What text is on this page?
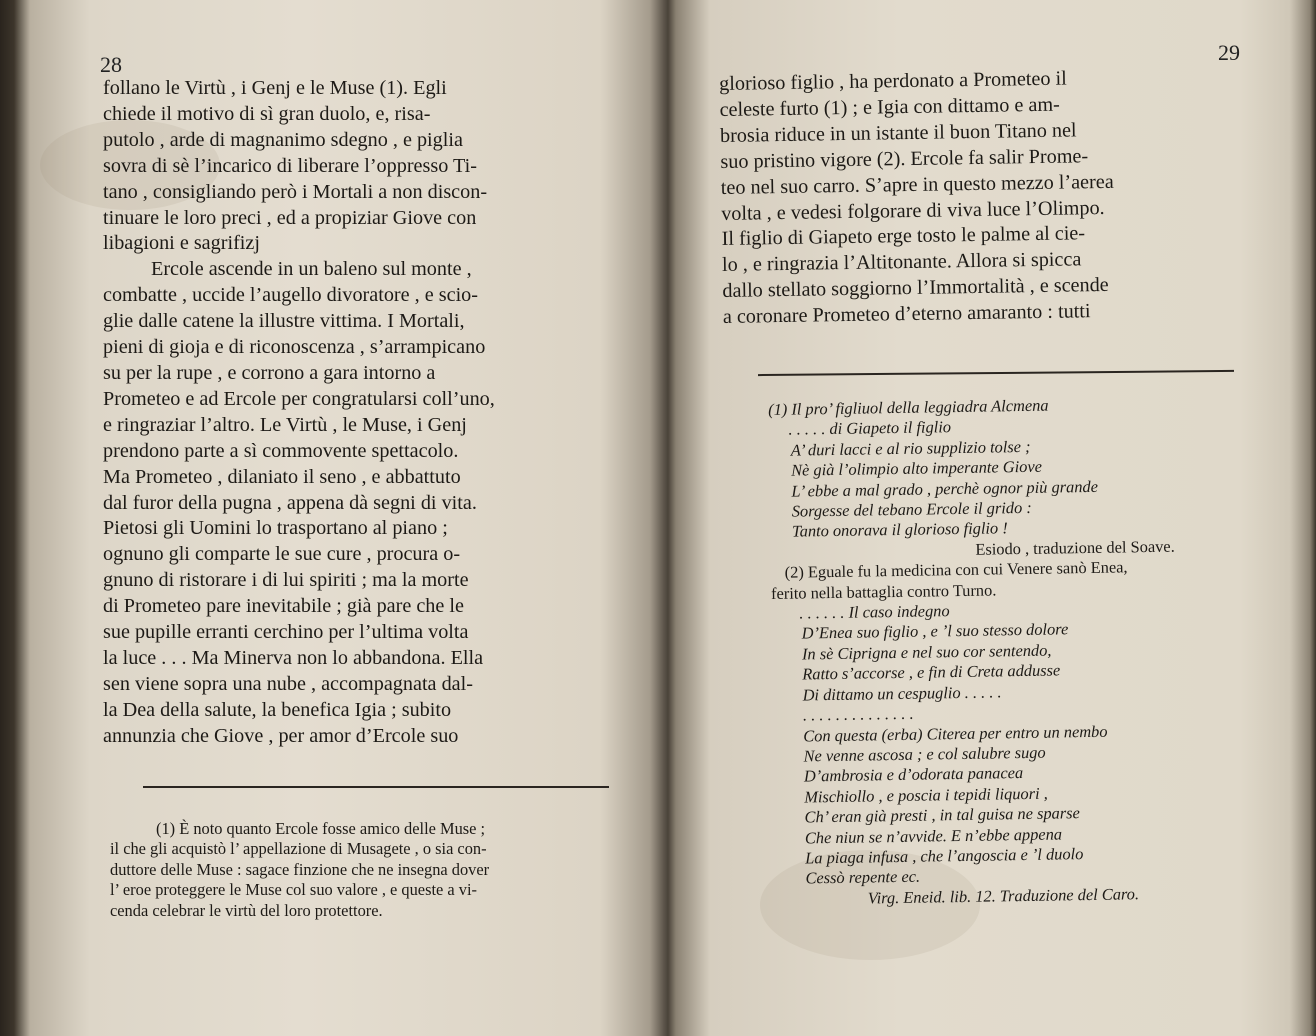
28
follano le Virtù , i Genj e le Muse (1). Egli
chiede il motivo di sì gran duolo, e, risa-
putolo , arde di magnanimo sdegno , e piglia
sovra di sè l’incarico di liberare l’oppresso Ti-
tano , consigliando però i Mortali a non discon-
tinuare le loro preci , ed a propiziar Giove con
libagioni e sagrifizj
Ercole ascende in un baleno sul monte ,
combatte , uccide l’augello divoratore , e scio-
glie dalle catene la illustre vittima. I Mortali,
pieni di gioja e di riconoscenza , s’arrampicano
su per la rupe , e corrono a gara intorno a
Prometeo e ad Ercole per congratularsi coll’uno,
e ringraziar l’altro. Le Virtù , le Muse, i Genj
prendono parte a sì commovente spettacolo.
Ma Prometeo , dilaniato il seno , e abbattuto
dal furor della pugna , appena dà segni di vita.
Pietosi gli Uomini lo trasportano al piano ;
ognuno gli comparte le sue cure , procura o-
gnuno di ristorare i di lui spiriti ; ma la morte
di Prometeo pare inevitabile ; già pare che le
sue pupille erranti cerchino per l’ultima volta
la luce . . . Ma Minerva non lo abbandona. Ella
sen viene sopra una nube , accompagnata dal-
la Dea della salute, la benefica Igia ; subito
annunzia che Giove , per amor d’Ercole suo
(1) È noto quanto Ercole fosse amico delle Muse ;
il che gli acquistò l’ appellazione di Musagete , o sia con-
duttore delle Muse : sagace finzione che ne insegna dover
l’ eroe proteggere le Muse col suo valore , e queste a vi-
cenda celebrar le virtù del loro protettore.
29
glorioso figlio , ha perdonato a Prometeo il
celeste furto (1) ; e Igia con dittamo e am-
brosia riduce in un istante il buon Titano nel
suo pristino vigore (2). Ercole fa salir Prome-
teo nel suo carro. S’apre in questo mezzo l’aerea
volta , e vedesi folgorare di viva luce l’Olimpo.
Il figlio di Giapeto erge tosto le palme al cie-
lo , e ringrazia l’Altitonante. Allora si spicca
dallo stellato soggiorno l’Immortalità , e scende
a coronare Prometeo d’eterno amaranto : tutti
(1) Il pro’ figliuol della leggiadra Alcmena
. . . . . di Giapeto il figlio
A’ duri lacci e al rio supplizio tolse ;
Nè già l’olimpio alto imperante Giove
L’ ebbe a mal grado , perchè ognor più grande
Sorgesse del tebano Ercole il grido :
Tanto onorava il glorioso figlio !
Esiodo , traduzione del Soave.
(2) Eguale fu la medicina con cui Venere sanò Enea,
ferito nella battaglia contro Turno.
. . . . . . Il caso indegno
D’Enea suo figlio , e ’l suo stesso dolore
In sè Ciprigna e nel suo cor sentendo,
Ratto s’accorse , e fin di Creta addusse
Di dittamo un cespuglio . . . . .
. . . . . . . . . . . . . .
Con questa (erba) Citerea per entro un nembo
Ne venne ascosa ; e col salubre sugo
D’ambrosia e d’odorata panacea
Mischiollo , e poscia i tepidi liquori ,
Ch’ eran già presti , in tal guisa ne sparse
Che niun se n’avvide. E n’ebbe appena
La piaga infusa , che l’angoscia e ’l duolo
Cessò repente ec.
Virg. Eneid. lib. 12. Traduzione del Caro.
